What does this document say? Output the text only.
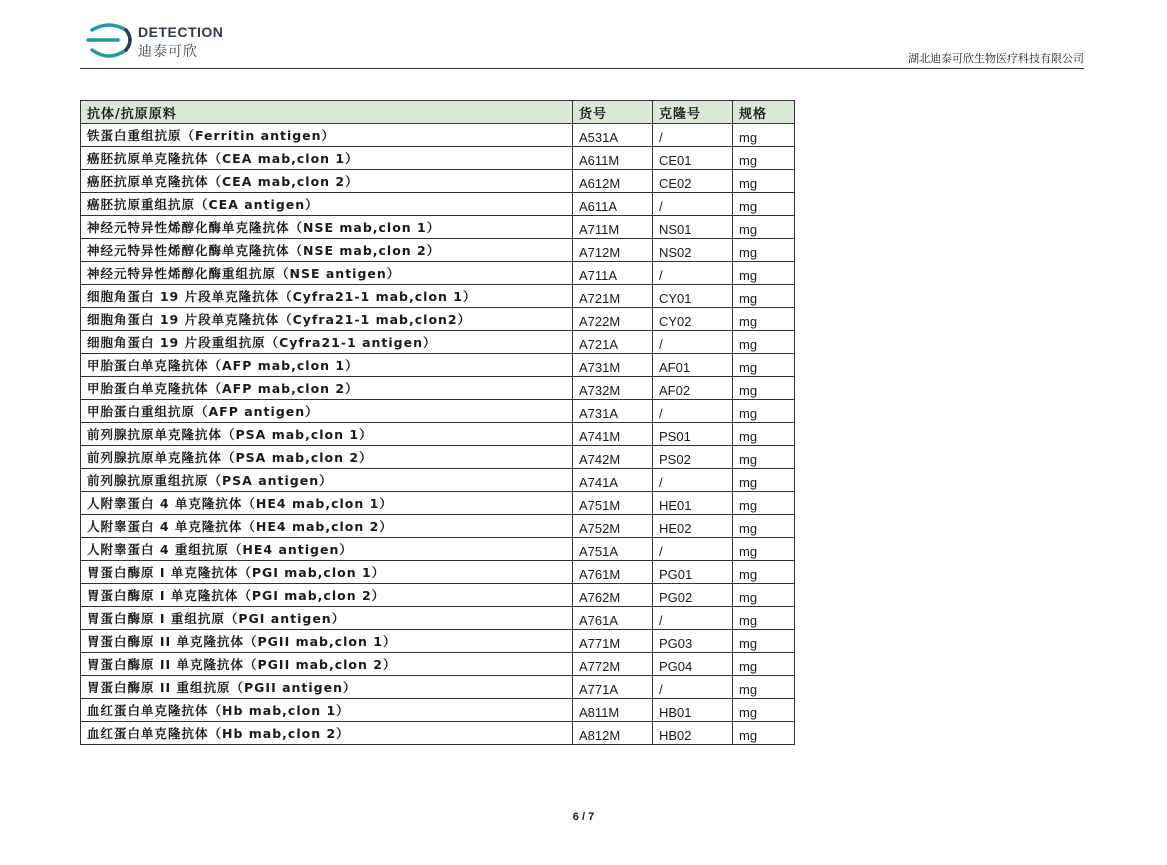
DETECTION
迪泰可欣	湖北迪泰可欣生物医疗科技有限公司
抗体/抗原原料	货号	克隆号	规格
铁蛋白重组抗原（Ferritin antigen）	A531A	/	mg
癌胚抗原单克隆抗体（CEA mab,clon 1）	A611M	CE01	mg
癌胚抗原单克隆抗体（CEA mab,clon 2）	A612M	CE02	mg
癌胚抗原重组抗原（CEA antigen）	A611A	/	mg
神经元特异性烯醇化酶单克隆抗体（NSE mab,clon 1）	A711M	NS01	mg
神经元特异性烯醇化酶单克隆抗体（NSE mab,clon 2）	A712M	NS02	mg
神经元特异性烯醇化酶重组抗原（NSE antigen）	A711A	/	mg
细胞角蛋白 19 片段单克隆抗体（Cyfra21-1 mab,clon 1）	A721M	CY01	mg
细胞角蛋白 19 片段单克隆抗体（Cyfra21-1 mab,clon2）	A722M	CY02	mg
细胞角蛋白 19 片段重组抗原（Cyfra21-1 antigen）	A721A	/	mg
甲胎蛋白单克隆抗体（AFP mab,clon 1）	A731M	AF01	mg
甲胎蛋白单克隆抗体（AFP mab,clon 2）	A732M	AF02	mg
甲胎蛋白重组抗原（AFP antigen）	A731A	/	mg
前列腺抗原单克隆抗体（PSA mab,clon 1）	A741M	PS01	mg
前列腺抗原单克隆抗体（PSA mab,clon 2）	A742M	PS02	mg
前列腺抗原重组抗原（PSA antigen）	A741A	/	mg
人附睾蛋白 4 单克隆抗体（HE4 mab,clon 1）	A751M	HE01	mg
人附睾蛋白 4 单克隆抗体（HE4 mab,clon 2）	A752M	HE02	mg
人附睾蛋白 4 重组抗原（HE4 antigen）	A751A	/	mg
胃蛋白酶原 I 单克隆抗体（PGI mab,clon 1）	A761M	PG01	mg
胃蛋白酶原 I 单克隆抗体（PGI mab,clon 2）	A762M	PG02	mg
胃蛋白酶原 I 重组抗原（PGI antigen）	A761A	/	mg
胃蛋白酶原 II 单克隆抗体（PGII mab,clon 1）	A771M	PG03	mg
胃蛋白酶原 II 单克隆抗体（PGII mab,clon 2）	A772M	PG04	mg
胃蛋白酶原 II 重组抗原（PGII antigen）	A771A	/	mg
血红蛋白单克隆抗体（Hb mab,clon 1）	A811M	HB01	mg
血红蛋白单克隆抗体（Hb mab,clon 2）	A812M	HB02	mg
6 / 7
